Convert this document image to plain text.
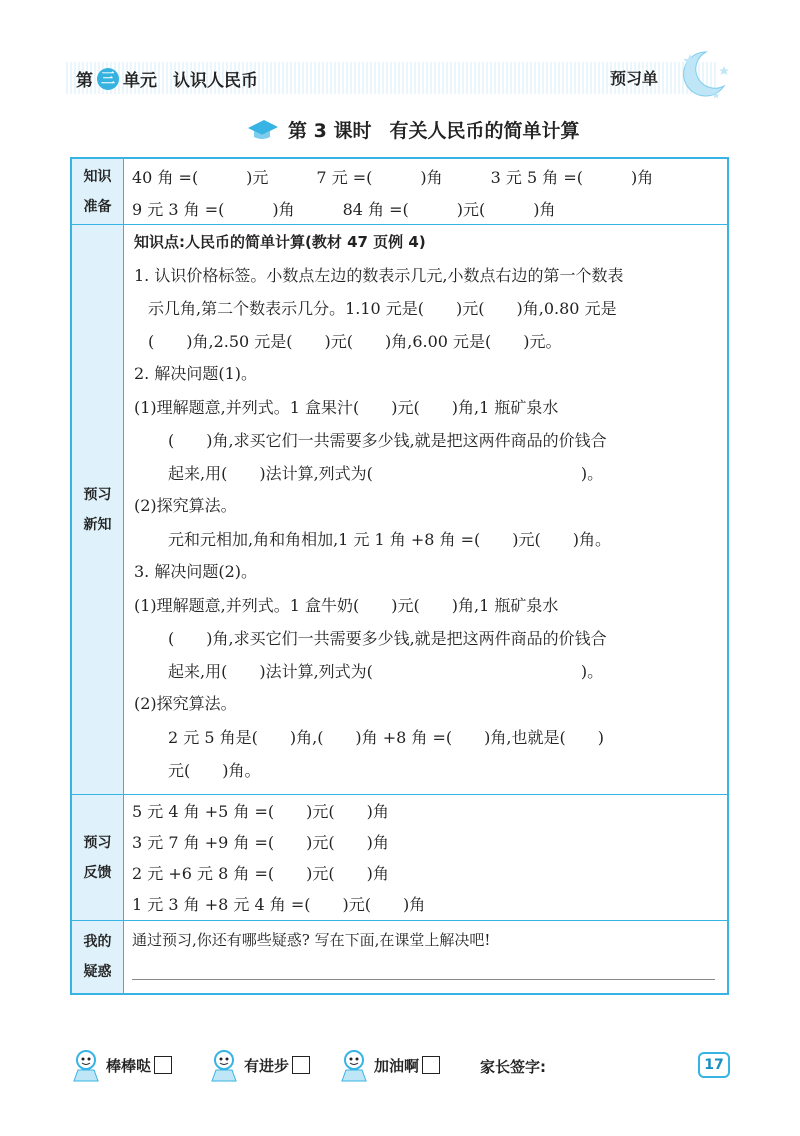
第 三 单元 认识人民币	预习单
第 3 课时 有关人民币的简单计算
知识
准备
40 角 =(　　　)元　　　7 元 =(　　　)角　　　3 元 5 角 =(　　　)角
9 元 3 角 =(　　　)角　　　84 角 =(　　　)元(　　　)角
预习
新知
知识点:人民币的简单计算(教材 47 页例 4)
1. 认识价格标签。小数点左边的数表示几元,小数点右边的第一个数表
示几角,第二个数表示几分。1.10 元是(　　)元(　　)角,0.80 元是
(　　)角,2.50 元是(　　)元(　　)角,6.00 元是(　　)元。
2. 解决问题(1)。
(1)理解题意,并列式。1 盒果汁(　　)元(　　)角,1 瓶矿泉水
(　　)角,求买它们一共需要多少钱,就是把这两件商品的价钱合
起来,用(　　)法计算,列式为(　　　　　　　　　　　　　)。
(2)探究算法。
元和元相加,角和角相加,1 元 1 角 +8 角 =(　　)元(　　)角。
3. 解决问题(2)。
(1)理解题意,并列式。1 盒牛奶(　　)元(　　)角,1 瓶矿泉水
(　　)角,求买它们一共需要多少钱,就是把这两件商品的价钱合
起来,用(　　)法计算,列式为(　　　　　　　　　　　　　)。
(2)探究算法。
2 元 5 角是(　　)角,(　　)角 +8 角 =(　　)角,也就是(　　)
元(　　)角。
预习
反馈
5 元 4 角 +5 角 =(　　)元(　　)角
3 元 7 角 +9 角 =(　　)元(　　)角
2 元 +6 元 8 角 =(　　)元(　　)角
1 元 3 角 +8 元 4 角 =(　　)元(　　)角
我的
疑惑
通过预习,你还有哪些疑惑? 写在下面,在课堂上解决吧!
棒棒哒	有进步	加油啊	家长签字:	17
